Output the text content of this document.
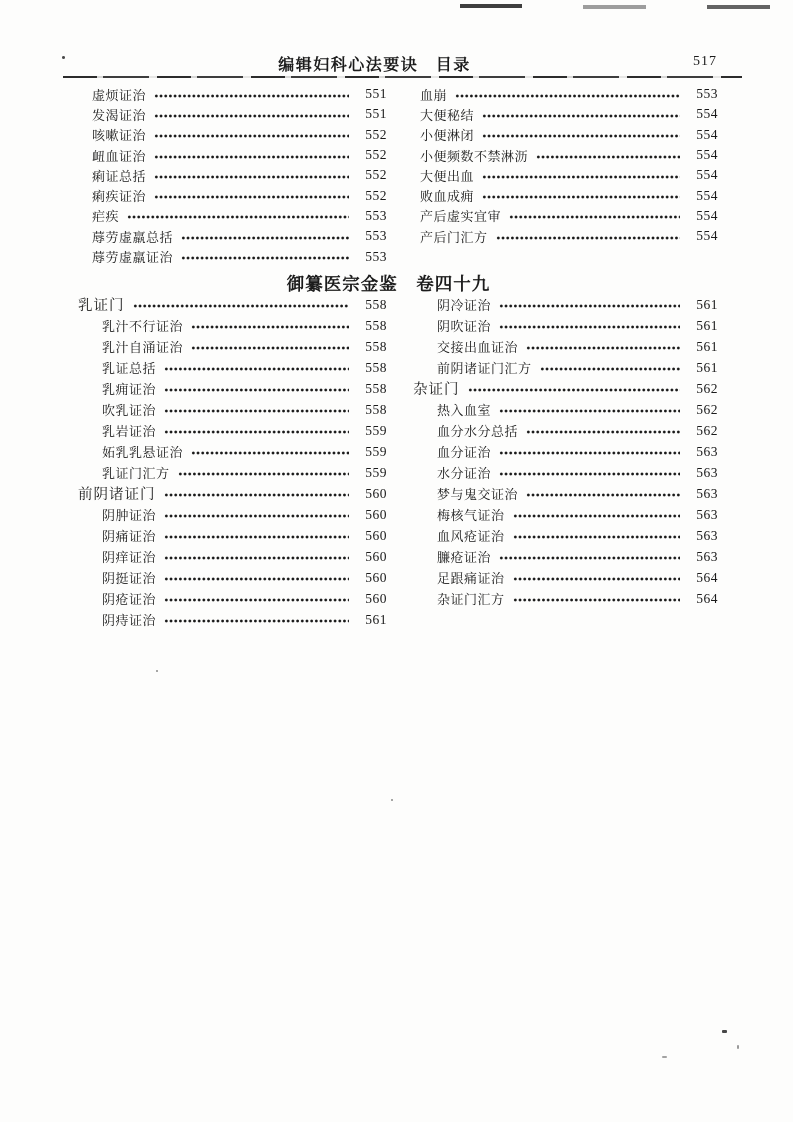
编辑妇科心法要诀　目录	517
虚烦证治	551
发渴证治	551
咳嗽证治	552
衄血证治	552
痢证总括	552
痢疾证治	552
疟疾	553
蓐劳虚羸总括	553
蓐劳虚羸证治	553
血崩	553
大便秘结	554
小便淋闭	554
小便频数不禁淋沥	554
大便出血	554
败血成痈	554
产后虚实宜审	554
产后门汇方	554
御纂医宗金鉴　卷四十九
乳证门	558
乳汁不行证治	558
乳汁自涌证治	558
乳证总括	558
乳痈证治	558
吹乳证治	558
乳岩证治	559
妬乳乳悬证治	559
乳证门汇方	559
前阴诸证门	560
阴肿证治	560
阴痛证治	560
阴痒证治	560
阴挺证治	560
阴疮证治	560
阴痔证治	561
阴冷证治	561
阴吹证治	561
交接出血证治	561
前阴诸证门汇方	561
杂证门	562
热入血室	562
血分水分总括	562
血分证治	563
水分证治	563
梦与鬼交证治	563
梅核气证治	563
血风疮证治	563
臁疮证治	563
足跟痛证治	564
杂证门汇方	564
